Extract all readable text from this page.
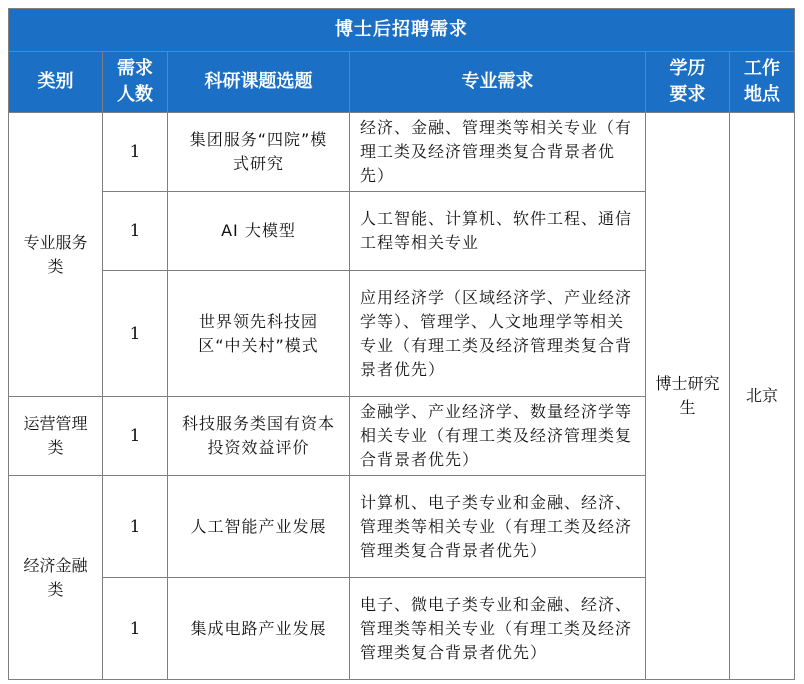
博士后招聘需求					
类别	需求人数	科研课题选题	专业需求	学历要求	工作地点
专业服务类	1	集团服务“四院”模式研究	经济、金融、管理类等相关专业（有理工类及经济管理类复合背景者优先）	博士研究生	北京
	1	AI 大模型	人工智能、计算机、软件工程、通信工程等相关专业		

	1	世界领先科技园区“中关村”模式	应用经济学（区域经济学、产业经济学等）、管理学、人文地理学等相关专业（有理工类及经济管理类复合背景者优先）		

运营管理类	1	科技服务类国有资本投资效益评价	金融学、产业经济学、数量经济学等相关专业（有理工类及经济管理类复合背景者优先）		

经济金融类	1	人工智能产业发展	计算机、电子类专业和金融、经济、管理类等相关专业（有理工类及经济管理类复合背景者优先）		

	1	集成电路产业发展	电子、微电子类专业和金融、经济、管理类等相关专业（有理工类及经济管理类复合背景者优先）		
